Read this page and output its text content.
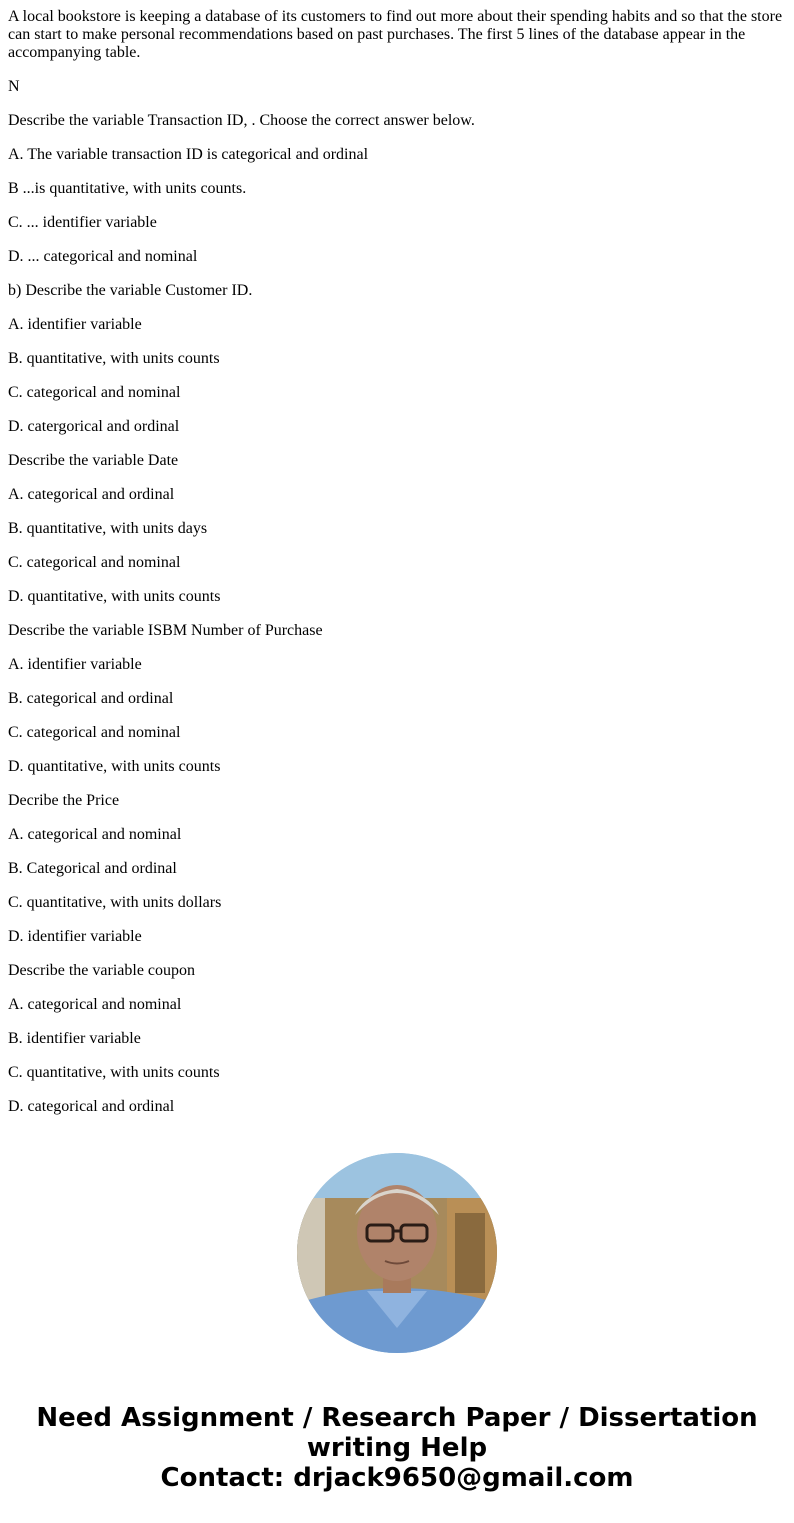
A local bookstore is keeping a database of its customers to find out more about their spending habits and so that the store can start to make personal recommendations based on past purchases. The first 5 lines of the database appear in the accompanying table.

N

Describe the variable Transaction ID, . Choose the correct answer below.

A. The variable transaction ID is categorical and ordinal

B ...is quantitative, with units counts.

C. ... identifier variable

D. ... categorical and nominal

b) Describe the variable Customer ID.

A. identifier variable

B. quantitative, with units counts

C. categorical and nominal

D. catergorical and ordinal

Describe the variable Date

A. categorical and ordinal

B. quantitative, with units days

C. categorical and nominal

D. quantitative, with units counts

Describe the variable ISBM Number of Purchase

A. identifier variable

B. categorical and ordinal

C. categorical and nominal

D. quantitative, with units counts

Decribe the Price

A. categorical and nominal

B. Categorical and ordinal

C. quantitative, with units dollars

D. identifier variable

Describe the variable coupon

A. categorical and nominal

B. identifier variable

C. quantitative, with units counts

D. categorical and ordinal

Need Assignment / Research Paper / Dissertation
writing Help
Contact: drjack9650@gmail.com
